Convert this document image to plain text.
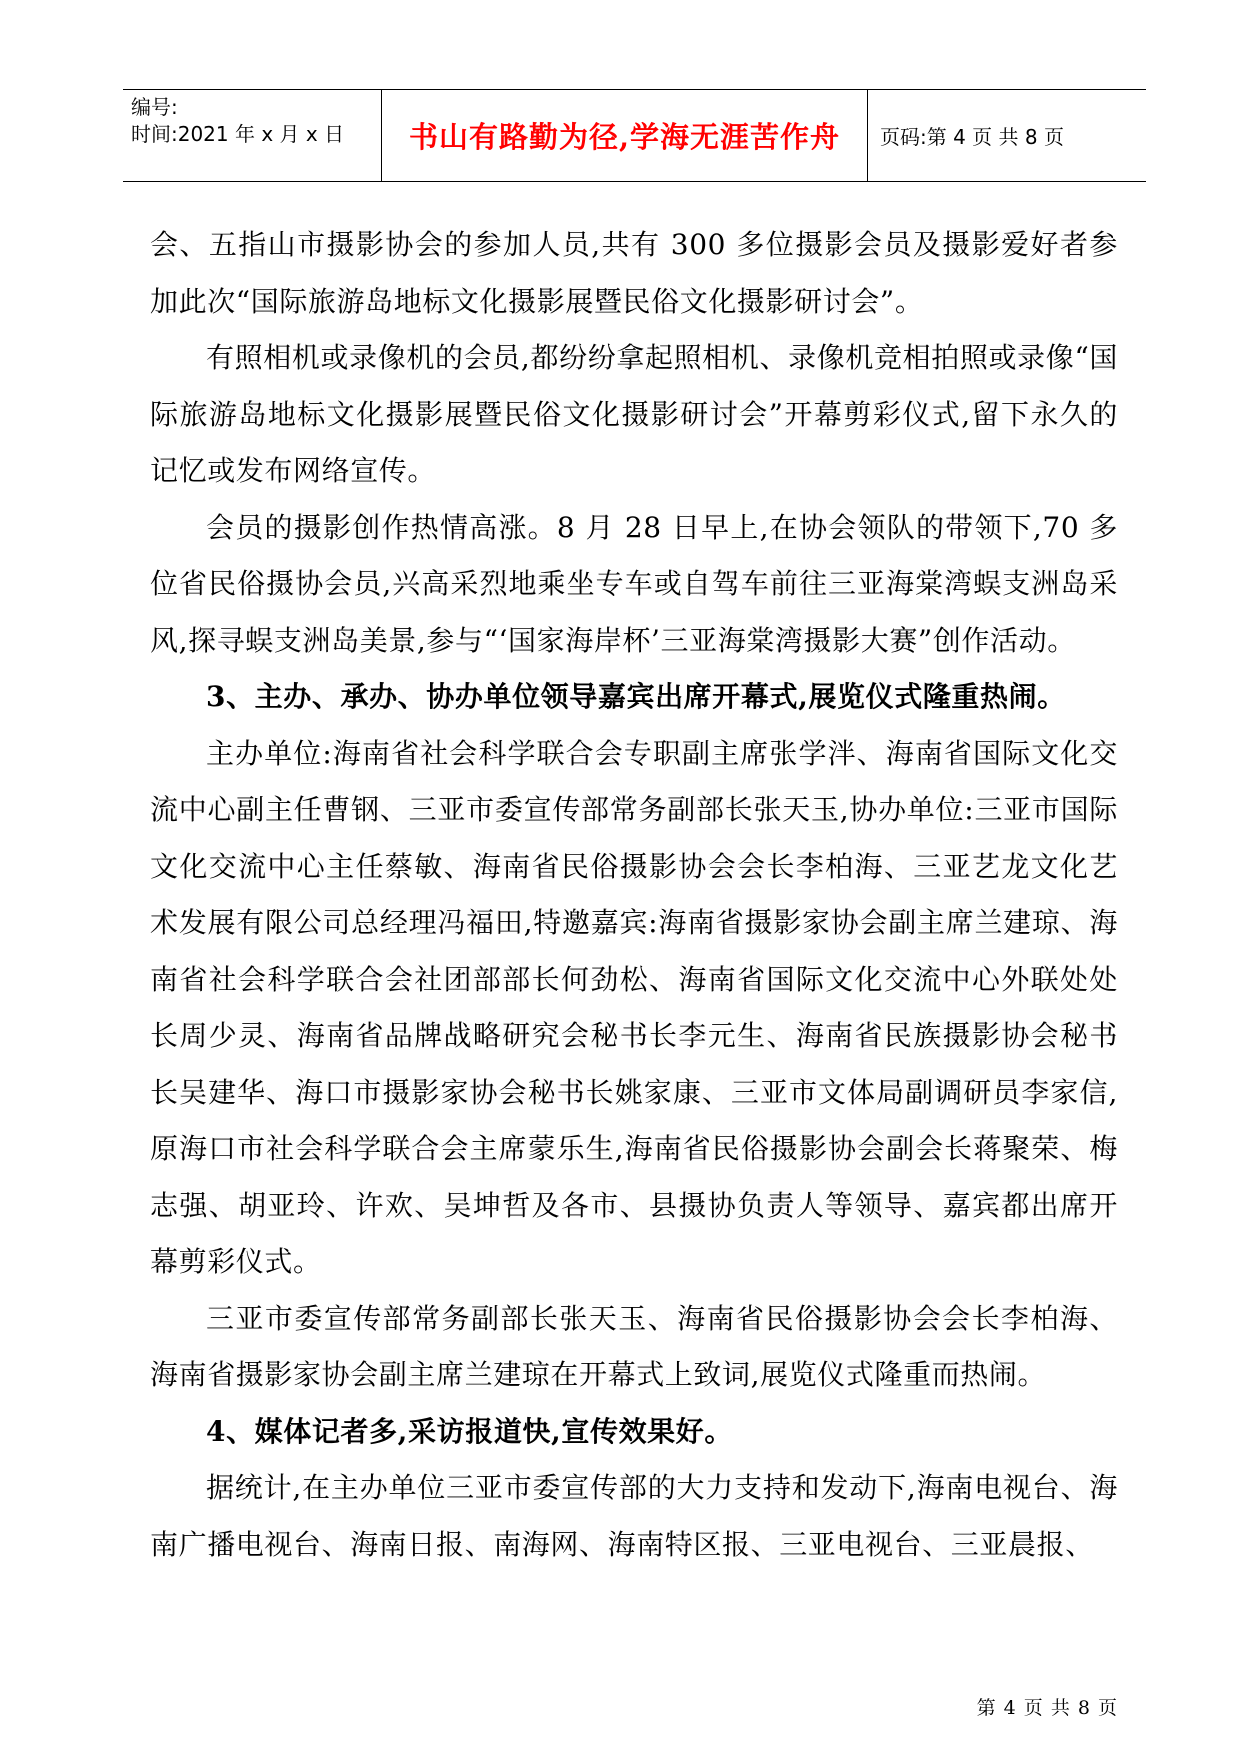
编号:
时间:2021 年 x 月 x 日	书山有路勤为径,学海无涯苦作舟	页码:第 4 页 共 8 页

会、五指山市摄影协会的参加人员,共有 300 多位摄影会员及摄影爱好者参加此次“国际旅游岛地标文化摄影展暨民俗文化摄影研讨会”。

有照相机或录像机的会员,都纷纷拿起照相机、录像机竞相拍照或录像“国际旅游岛地标文化摄影展暨民俗文化摄影研讨会”开幕剪彩仪式,留下永久的记忆或发布网络宣传。

会员的摄影创作热情高涨。8 月 28 日早上,在协会领队的带领下,70 多位省民俗摄协会员,兴高采烈地乘坐专车或自驾车前往三亚海棠湾蜈支洲岛采风,探寻蜈支洲岛美景,参与“‘国家海岸杯’三亚海棠湾摄影大赛”创作活动。

3、主办、承办、协办单位领导嘉宾出席开幕式,展览仪式隆重热闹。

主办单位:海南省社会科学联合会专职副主席张学泮、海南省国际文化交流中心副主任曹钢、三亚市委宣传部常务副部长张天玉,协办单位:三亚市国际文化交流中心主任蔡敏、海南省民俗摄影协会会长李柏海、三亚艺龙文化艺术发展有限公司总经理冯福田,特邀嘉宾:海南省摄影家协会副主席兰建琼、海南省社会科学联合会社团部部长何劲松、海南省国际文化交流中心外联处处长周少灵、海南省品牌战略研究会秘书长李元生、海南省民族摄影协会秘书长吴建华、海口市摄影家协会秘书长姚家康、三亚市文体局副调研员李家信,原海口市社会科学联合会主席蒙乐生,海南省民俗摄影协会副会长蒋聚荣、梅志强、胡亚玲、许欢、吴坤哲及各市、县摄协负责人等领导、嘉宾都出席开幕剪彩仪式。

三亚市委宣传部常务副部长张天玉、海南省民俗摄影协会会长李柏海、海南省摄影家协会副主席兰建琼在开幕式上致词,展览仪式隆重而热闹。

4、媒体记者多,采访报道快,宣传效果好。

据统计,在主办单位三亚市委宣传部的大力支持和发动下,海南电视台、海南广播电视台、海南日报、南海网、海南特区报、三亚电视台、三亚晨报、

第 4 页 共 8 页
